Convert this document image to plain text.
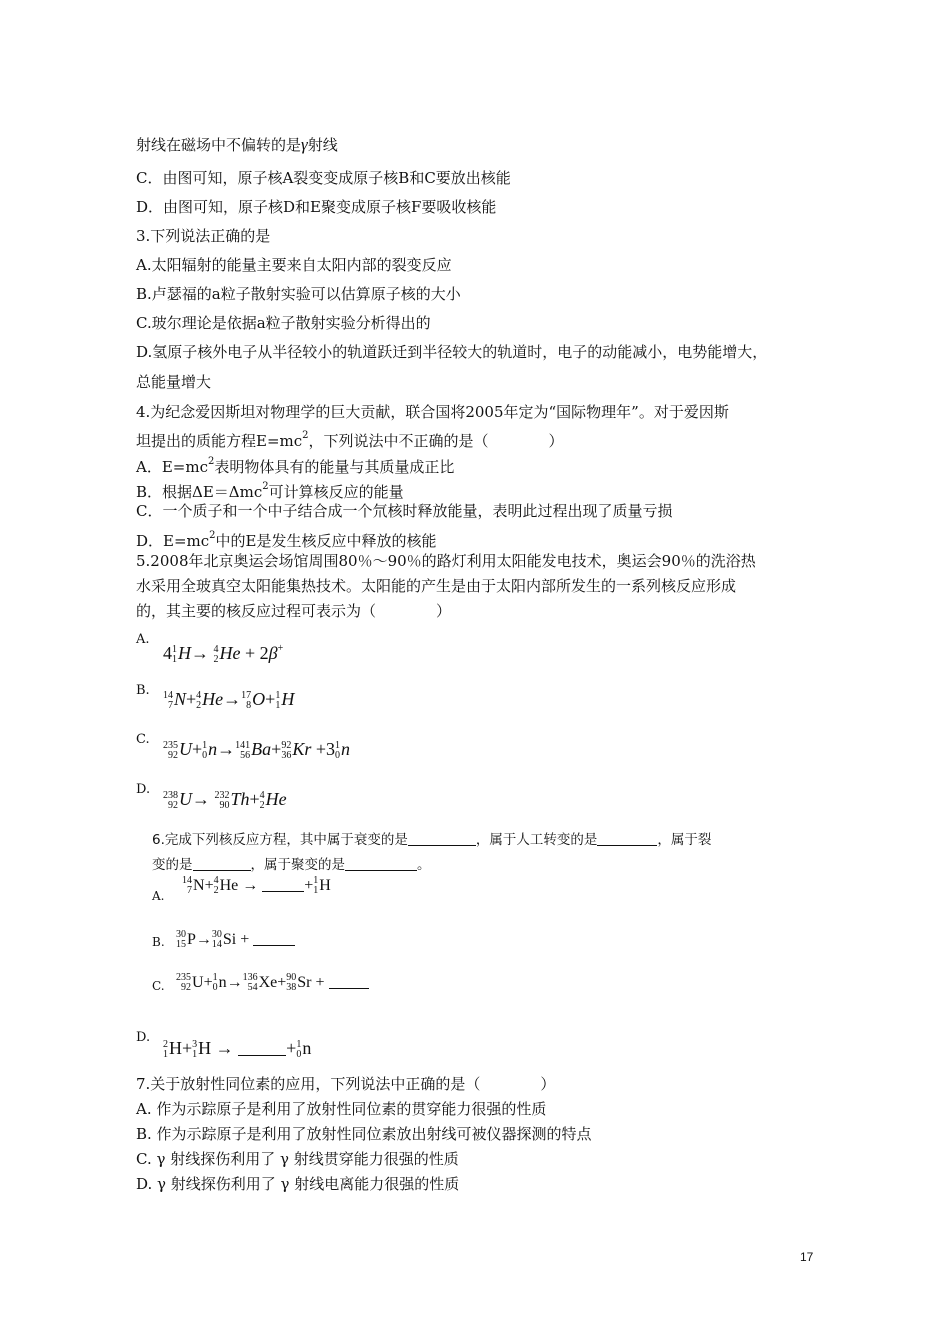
射线在磁场中不偏转的是γ射线
C．由图可知，原子核A裂变变成原子核B和C要放出核能
D．由图可知，原子核D和E聚变成原子核F要吸收核能
3.下列说法正确的是
A.太阳辐射的能量主要来自太阳内部的裂变反应
B.卢瑟福的a粒子散射实验可以估算原子核的大小
C.玻尔理论是依据a粒子散射实验分析得出的
D.氢原子核外电子从半径较小的轨道跃迁到半径较大的轨道时，电子的动能减小，电势能增大，
总能量增大
4.为纪念爱因斯坦对物理学的巨大贡献，联合国将2005年定为“国际物理年”。对于爱因斯
坦提出的质能方程$E=mc^2$，下列说法中不正确的是（　　　　）
A．$E=mc^2$表明物体具有的能量与其质量成正比
B．根据ΔE＝Δmc$^2$可计算核反应的能量
C．一个质子和一个中子结合成一个氘核时释放能量，表明此过程出现了质量亏损
D．$E=mc^2$中的E是发生核反应中释放的核能
5.2008年北京奥运会场馆周围80％～90％的路灯利用太阳能发电技术，奥运会90％的洗浴热
水采用全玻真空太阳能集热技术。太阳能的产生是由于太阳内部所发生的一系列核反应形成
的，其主要的核反应过程可表示为（　　　　）
A.
4 1
1 H→ 4
2 He + 2β+
B. 14
7 N+ 4
2 He→ 17
8 O+ 1
1 H
C. 235
92 U+ 1
0 n→ 141
56 Ba+ 92
36 Kr +3 1
0 n
D. 238
92 U→ 232
90 Th+ 4
2 He
6.完成下列核反应方程，其中属于衰变的是	，属于人工转变的是	，属于裂
变的是	，属于聚变的是	。
A.
14
7 N+ 4
2 He →	+ 1
1 H
B.
30
15 P→ 30
14 Si +
C.
235
92 U+ 1
0 n→ 136
54 Xe+ 90
38 Sr +
D. 2
1 H+ 3
1 H →	+ 1
0 n
7.关于放射性同位素的应用，下列说法中正确的是（　　　　）
A. 作为示踪原子是利用了放射性同位素的贯穿能力很强的性质
B. 作为示踪原子是利用了放射性同位素放出射线可被仪器探测的特点
C. γ 射线探伤利用了 γ 射线贯穿能力很强的性质
D. γ 射线探伤利用了 γ 射线电离能力很强的性质
17
